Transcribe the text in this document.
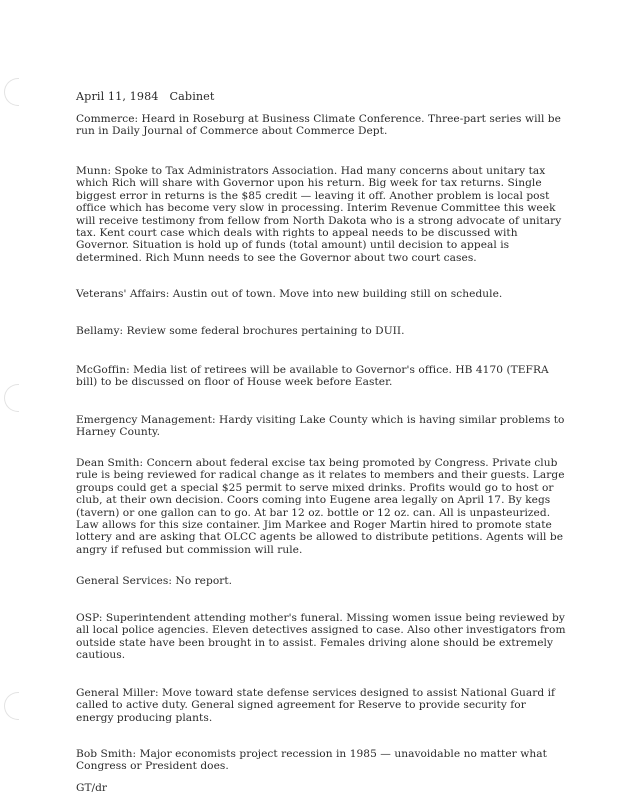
April 11, 1984 Cabinet

Commerce: Heard in Roseburg at Business Climate Conference. Three-part series will be run in Daily Journal of Commerce about Commerce Dept.

Munn: Spoke to Tax Administrators Association. Had many concerns about unitary tax which Rich will share with Governor upon his return. Big week for tax returns. Single biggest error in returns is the $85 credit — leaving it off. Another problem is local post office which has become very slow in processing. Interim Revenue Committee this week will receive testimony from fellow from North Dakota who is a strong advocate of unitary tax. Kent court case which deals with rights to appeal needs to be discussed with Governor. Situation is hold up of funds (total amount) until decision to appeal is determined. Rich Munn needs to see the Governor about two court cases.

Veterans' Affairs: Austin out of town. Move into new building still on schedule.

Bellamy: Review some federal brochures pertaining to DUII.

McGoffin: Media list of retirees will be available to Governor's office. HB 4170 (TEFRA bill) to be discussed on floor of House week before Easter.

Emergency Management: Hardy visiting Lake County which is having similar problems to Harney County.

Dean Smith: Concern about federal excise tax being promoted by Congress. Private club rule is being reviewed for radical change as it relates to members and their guests. Large groups could get a special $25 permit to serve mixed drinks. Profits would go to host or club, at their own decision. Coors coming into Eugene area legally on April 17. By kegs (tavern) or one gallon can to go. At bar 12 oz. bottle or 12 oz. can. All is unpasteurized. Law allows for this size container. Jim Markee and Roger Martin hired to promote state lottery and are asking that OLCC agents be allowed to distribute petitions. Agents will be angry if refused but commission will rule.

General Services: No report.

OSP: Superintendent attending mother's funeral. Missing women issue being reviewed by all local police agencies. Eleven detectives assigned to case. Also other investigators from outside state have been brought in to assist. Females driving alone should be extremely cautious.

General Miller: Move toward state defense services designed to assist National Guard if called to active duty. General signed agreement for Reserve to provide security for energy producing plants.

Bob Smith: Major economists project recession in 1985 — unavoidable no matter what Congress or President does.

GT/dr
